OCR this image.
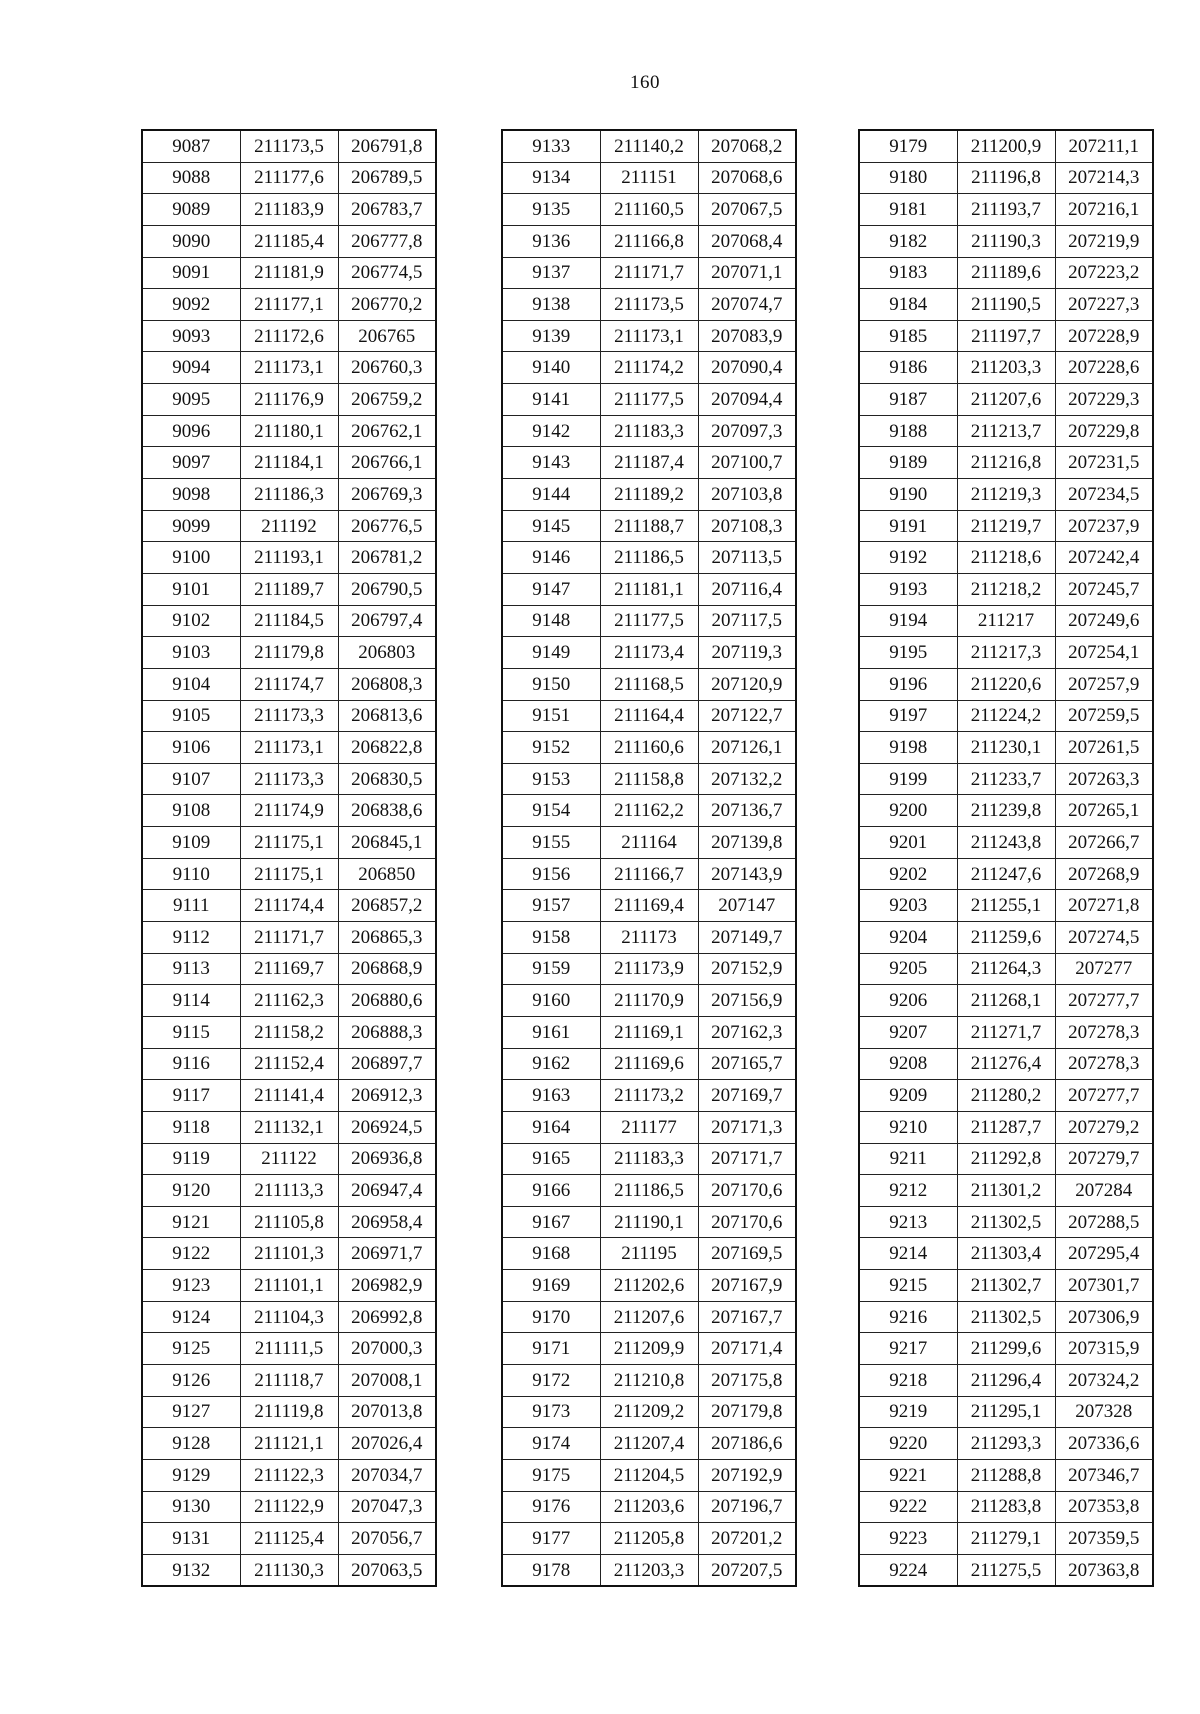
160
9087	211173,5	206791,8
9088	211177,6	206789,5
9089	211183,9	206783,7
9090	211185,4	206777,8
9091	211181,9	206774,5
9092	211177,1	206770,2
9093	211172,6	206765
9094	211173,1	206760,3
9095	211176,9	206759,2
9096	211180,1	206762,1
9097	211184,1	206766,1
9098	211186,3	206769,3
9099	211192	206776,5
9100	211193,1	206781,2
9101	211189,7	206790,5
9102	211184,5	206797,4
9103	211179,8	206803
9104	211174,7	206808,3
9105	211173,3	206813,6
9106	211173,1	206822,8
9107	211173,3	206830,5
9108	211174,9	206838,6
9109	211175,1	206845,1
9110	211175,1	206850
9111	211174,4	206857,2
9112	211171,7	206865,3
9113	211169,7	206868,9
9114	211162,3	206880,6
9115	211158,2	206888,3
9116	211152,4	206897,7
9117	211141,4	206912,3
9118	211132,1	206924,5
9119	211122	206936,8
9120	211113,3	206947,4
9121	211105,8	206958,4
9122	211101,3	206971,7
9123	211101,1	206982,9
9124	211104,3	206992,8
9125	211111,5	207000,3
9126	211118,7	207008,1
9127	211119,8	207013,8
9128	211121,1	207026,4
9129	211122,3	207034,7
9130	211122,9	207047,3
9131	211125,4	207056,7
9132	211130,3	207063,5
9133	211140,2	207068,2
9134	211151	207068,6
9135	211160,5	207067,5
9136	211166,8	207068,4
9137	211171,7	207071,1
9138	211173,5	207074,7
9139	211173,1	207083,9
9140	211174,2	207090,4
9141	211177,5	207094,4
9142	211183,3	207097,3
9143	211187,4	207100,7
9144	211189,2	207103,8
9145	211188,7	207108,3
9146	211186,5	207113,5
9147	211181,1	207116,4
9148	211177,5	207117,5
9149	211173,4	207119,3
9150	211168,5	207120,9
9151	211164,4	207122,7
9152	211160,6	207126,1
9153	211158,8	207132,2
9154	211162,2	207136,7
9155	211164	207139,8
9156	211166,7	207143,9
9157	211169,4	207147
9158	211173	207149,7
9159	211173,9	207152,9
9160	211170,9	207156,9
9161	211169,1	207162,3
9162	211169,6	207165,7
9163	211173,2	207169,7
9164	211177	207171,3
9165	211183,3	207171,7
9166	211186,5	207170,6
9167	211190,1	207170,6
9168	211195	207169,5
9169	211202,6	207167,9
9170	211207,6	207167,7
9171	211209,9	207171,4
9172	211210,8	207175,8
9173	211209,2	207179,8
9174	211207,4	207186,6
9175	211204,5	207192,9
9176	211203,6	207196,7
9177	211205,8	207201,2
9178	211203,3	207207,5
9179	211200,9	207211,1
9180	211196,8	207214,3
9181	211193,7	207216,1
9182	211190,3	207219,9
9183	211189,6	207223,2
9184	211190,5	207227,3
9185	211197,7	207228,9
9186	211203,3	207228,6
9187	211207,6	207229,3
9188	211213,7	207229,8
9189	211216,8	207231,5
9190	211219,3	207234,5
9191	211219,7	207237,9
9192	211218,6	207242,4
9193	211218,2	207245,7
9194	211217	207249,6
9195	211217,3	207254,1
9196	211220,6	207257,9
9197	211224,2	207259,5
9198	211230,1	207261,5
9199	211233,7	207263,3
9200	211239,8	207265,1
9201	211243,8	207266,7
9202	211247,6	207268,9
9203	211255,1	207271,8
9204	211259,6	207274,5
9205	211264,3	207277
9206	211268,1	207277,7
9207	211271,7	207278,3
9208	211276,4	207278,3
9209	211280,2	207277,7
9210	211287,7	207279,2
9211	211292,8	207279,7
9212	211301,2	207284
9213	211302,5	207288,5
9214	211303,4	207295,4
9215	211302,7	207301,7
9216	211302,5	207306,9
9217	211299,6	207315,9
9218	211296,4	207324,2
9219	211295,1	207328
9220	211293,3	207336,6
9221	211288,8	207346,7
9222	211283,8	207353,8
9223	211279,1	207359,5
9224	211275,5	207363,8
